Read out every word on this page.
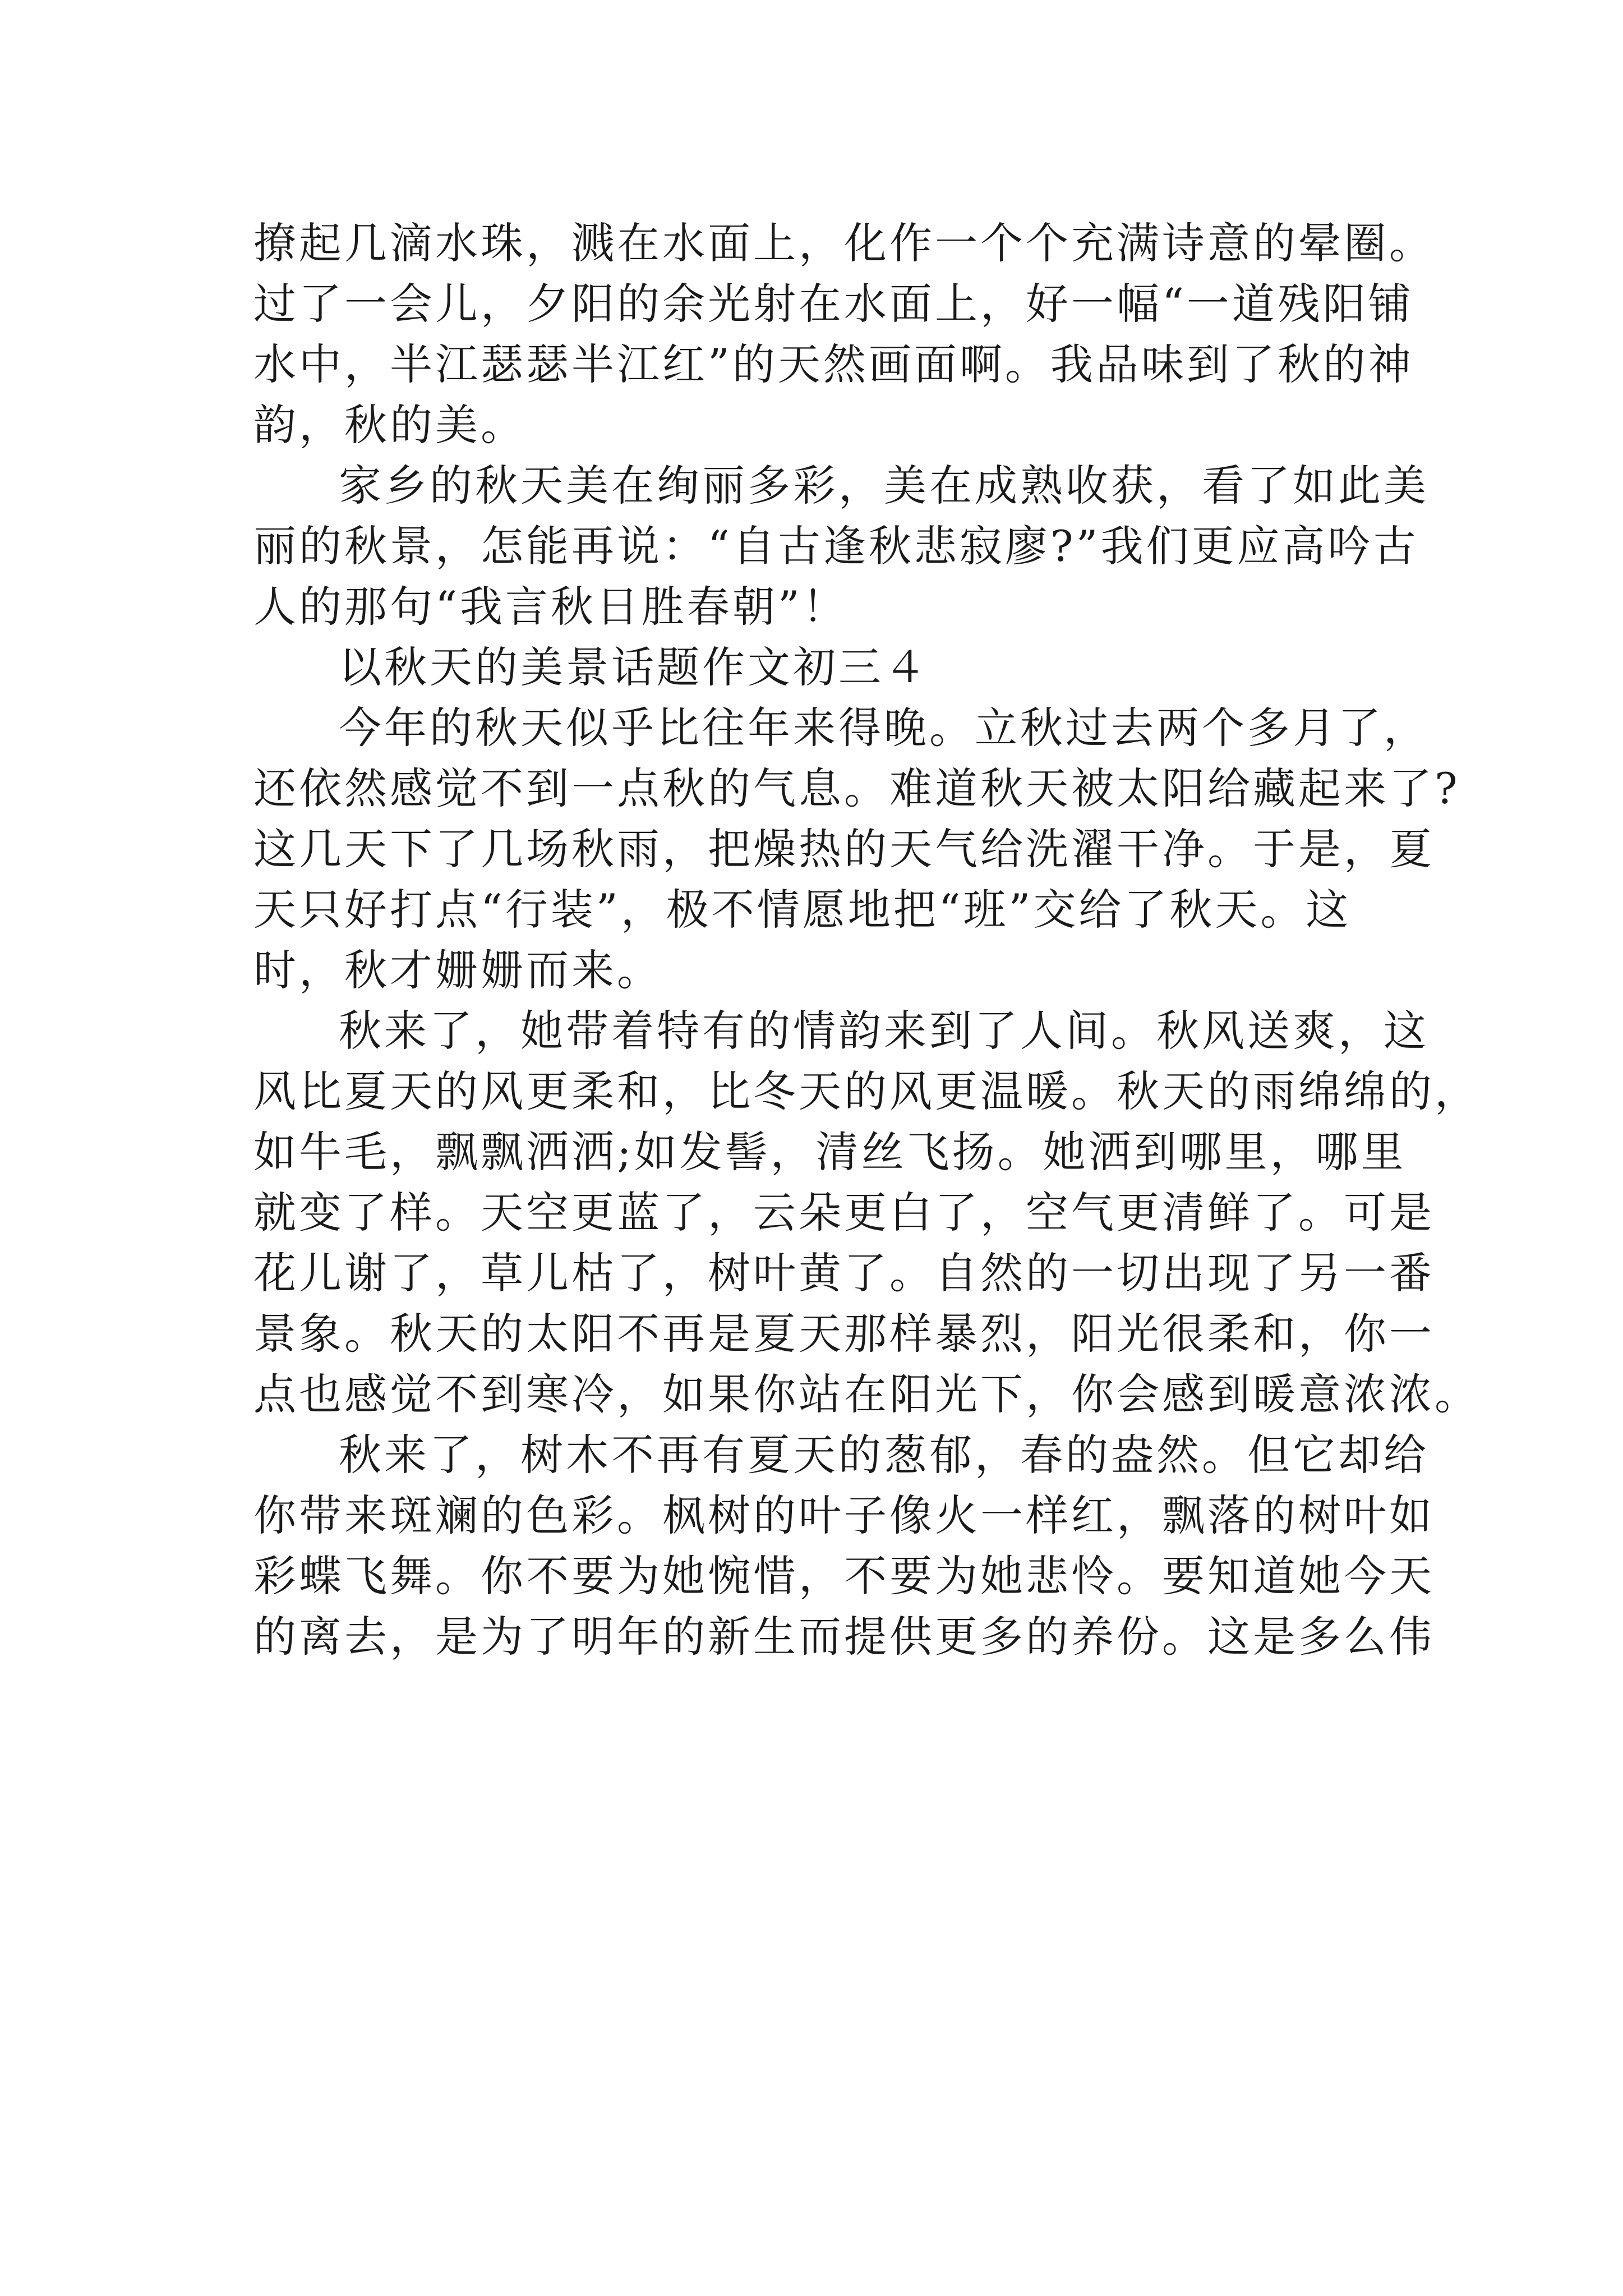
撩起几滴水珠，溅在水面上，化作一个个充满诗意的晕圈。
过了一会儿，夕阳的余光射在水面上，好一幅“一道残阳铺
水中，半江瑟瑟半江红”的天然画面啊。我品味到了秋的神
韵，秋的美。
家乡的秋天美在绚丽多彩，美在成熟收获，看了如此美
丽的秋景，怎能再说：“自古逢秋悲寂廖?”我们更应高吟古
人的那句“我言秋日胜春朝”！
以秋天的美景话题作文初三４
今年的秋天似乎比往年来得晚。立秋过去两个多月了，
还依然感觉不到一点秋的气息。难道秋天被太阳给藏起来了?
这几天下了几场秋雨，把燥热的天气给洗濯干净。于是，夏
天只好打点“行装”，极不情愿地把“班”交给了秋天。这
时，秋才姗姗而来。
秋来了，她带着特有的情韵来到了人间。秋风送爽，这
风比夏天的风更柔和，比冬天的风更温暖。秋天的雨绵绵的，
如牛毛，飘飘洒洒;如发髻，清丝飞扬。她洒到哪里，哪里
就变了样。天空更蓝了，云朵更白了，空气更清鲜了。可是
花儿谢了，草儿枯了，树叶黄了。自然的一切出现了另一番
景象。秋天的太阳不再是夏天那样暴烈，阳光很柔和，你一
点也感觉不到寒冷，如果你站在阳光下，你会感到暖意浓浓。
秋来了，树木不再有夏天的葱郁，春的盎然。但它却给
你带来斑斓的色彩。枫树的叶子像火一样红，飘落的树叶如
彩蝶飞舞。你不要为她惋惜，不要为她悲怜。要知道她今天
的离去，是为了明年的新生而提供更多的养份。这是多么伟
